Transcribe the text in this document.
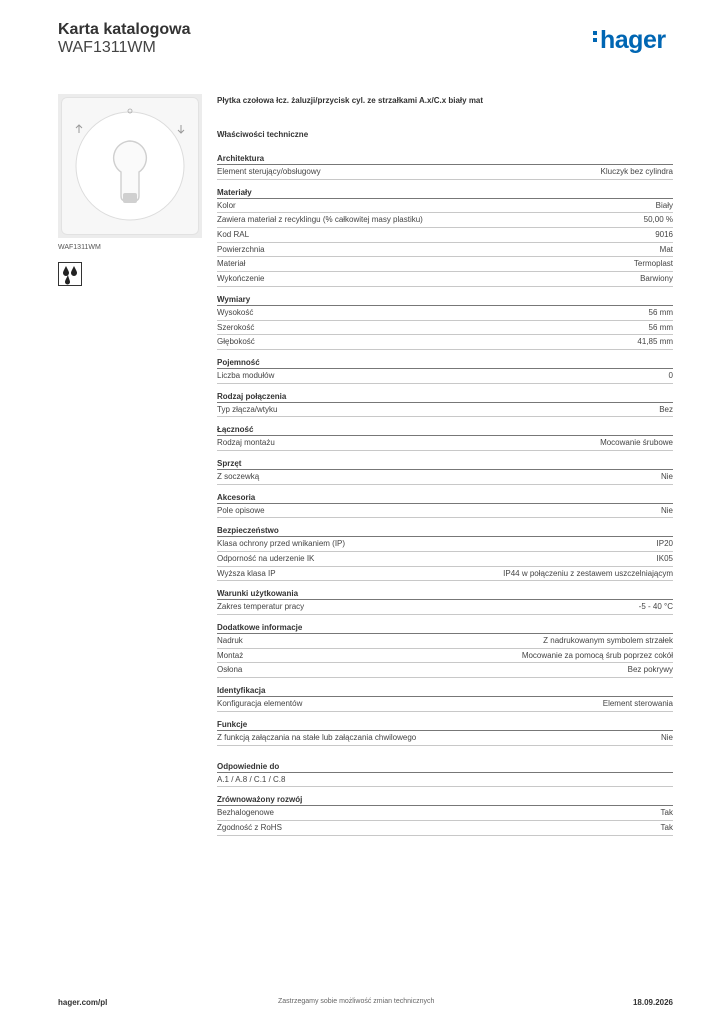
Karta katalogowa
WAF1311WM	hager
WAF1311WM
Płytka czołowa łcz. żaluzji/przycisk cyl. ze strzałkami A.x/C.x biały mat
Właściwości techniczne
Architektura
Element sterujący/obsługowy	Kluczyk bez cylindra
Materiały
Kolor	Biały
Zawiera materiał z recyklingu (% całkowitej masy plastiku)	50,00 %
Kod RAL	9016
Powierzchnia	Mat
Materiał	Termoplast
Wykończenie	Barwiony
Wymiary
Wysokość	56 mm
Szerokość	56 mm
Głębokość	41,85 mm
Pojemność
Liczba modułów	0
Rodzaj połączenia
Typ złącza/wtyku	Bez
Łączność
Rodzaj montażu	Mocowanie śrubowe
Sprzęt
Z soczewką	Nie
Akcesoria
Pole opisowe	Nie
Bezpieczeństwo
Klasa ochrony przed wnikaniem (IP)	IP20
Odporność na uderzenie IK	IK05
Wyższa klasa IP	IP44 w połączeniu z zestawem uszczelniającym
Warunki użytkowania
Zakres temperatur pracy	-5 - 40 °C
Dodatkowe informacje
Nadruk	Z nadrukowanym symbolem strzałek
Montaż	Mocowanie za pomocą śrub poprzez cokół
Osłona	Bez pokrywy
Identyfikacja
Konfiguracja elementów	Element sterowania
Funkcje
Z funkcją załączania na stałe lub załączania chwilowego	Nie
Odpowiednie do
A.1 / A.8 / C.1 / C.8
Zrównoważony rozwój
Bezhalogenowe	Tak
Zgodność z RoHS	Tak
hager.com/pl	Zastrzegamy sobie możliwość zmian technicznych	18.09.2026
